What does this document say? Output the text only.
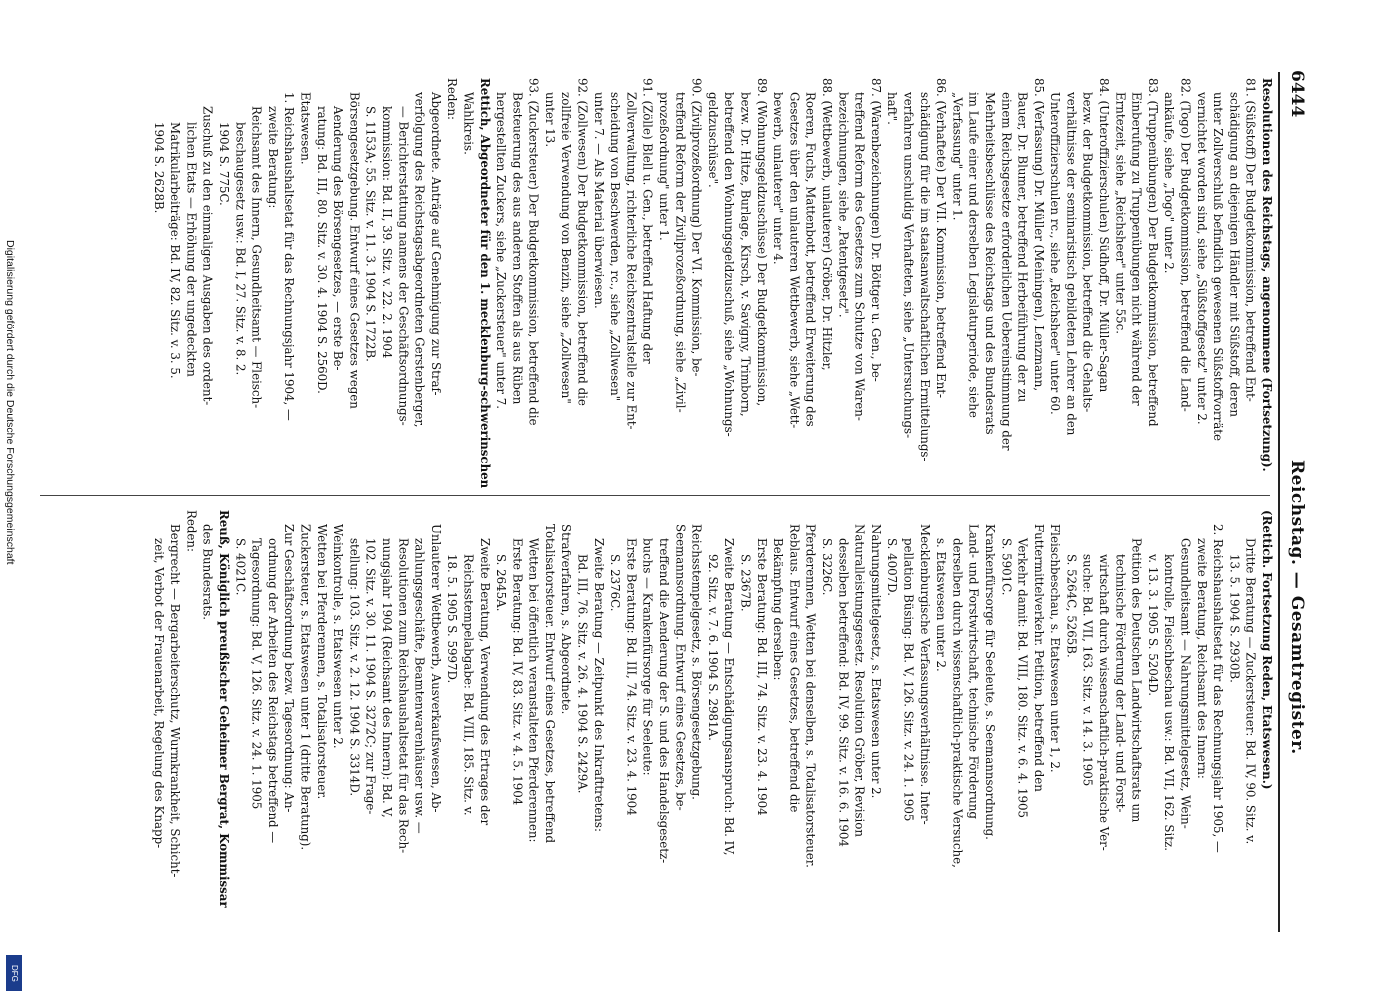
6444
Reichstag. — Gesamtregister.
Resolutionen des Reichstags, angenommene (Fortsetzung).
81. (Süßstoff) Der Budgetkommission, betreffend Ent-
schädigung an diejenigen Händler mit Süßstoff, deren
unter Zollverschluß befindlich gewesenen Süßstoffvorräte
vernichtet worden sind, siehe „Süßstoffgesetz" unter 2.
82. (Togo) Der Budgetkommission, betreffend die Land-
ankäufe, siehe „Togo" unter 2.
83. (Truppenübungen) Der Budgetkommission, betreffend
Einberufung zu Truppenübungen nicht während der
Erntezeit, siehe „Reichsheer" unter 55c.
84. (Unteroffizierschulen) Südhoff, Dr. Müller-Sagan
bezw. der Budgetkommission, betreffend die Gehalts-
verhältnisse der seminaristisch gebildeten Lehrer an den
Unteroffizierschulen rc., siehe „Reichsheer" unter 60.
85. (Verfassung) Dr. Müller (Meiningen), Lenzmann,
Bauer, Dr. Blumer, betreffend Herbeiführung der zu
einem Reichsgesetze erforderlichen Uebereinstimmung der
Mehrheitsbeschlüsse des Reichstags und des Bundesrats
im Laufe einer und derselben Legislaturperiode, siehe
„Verfassung" unter 1.
86. (Verhaftete) Der VII. Kommission, betreffend Ent-
schädigung für die im staatsanwaltschaftlichen Ermittelungs-
verfahren unschuldig Verhafteten, siehe „Untersuchungs-
haft".
87. (Warenbezeichnungen) Dr. Böttger u. Gen., be-
treffend Reform des Gesetzes zum Schutze von Waren-
bezeichnungen, siehe „Patentgesetz".
88. (Wettbewerb, unlauterer) Gröber, Dr. Hitzler,
Roeren, Fuchs, Mattenbott, betreffend Erweiterung des
Gesetzes über den unlauteren Wettbewerb, siehe „Wett-
bewerb, unlauterer" unter 4.
89. (Wohnungsgeldzuschüsse) Der Budgetkommission,
bezw. Dr. Hitze, Burlage, Kirsch, v. Savigny, Trimborn,
betreffend den Wohnungsgeldzuschuß, siehe „Wohnungs-
geldzuschüsse".
90. (Zivilprozeßordnung) Der VI. Kommission, be-
treffend Reform der Zivilprozeßordnung, siehe „Zivil-
prozeßordnung" unter 1.
91. (Zölle) Blell u. Gen., betreffend Haftung der
Zollverwaltung, richterliche Reichszentralstelle zur Ent-
scheidung von Beschwerden, rc., siehe „Zollwesen"
unter 7. — Als Material überwiesen.
92. (Zollwesen) Der Budgetkommission, betreffend die
zollfreie Verwendung von Benzin, siehe „Zollwesen"
unter 13.
93. (Zuckersteuer) Der Budgetkommission, betreffend die
Besteuerung des aus anderen Stoffen als aus Rüben
hergestellten Zuckers, siehe „Zuckersteuer" unter 7.
Rettich, Abgeordneter für den 1. mecklenburg-schwerinschen
Wahlkreis.
Reden:
Abgeordnete. Anträge auf Genehmigung zur Straf-
verfolgung des Reichstagsabgeordneten Gerstenberger,
— Berichterstattung namens der Geschäftsordnungs-
kommission: Bd. II, 39. Sitz. v. 22. 2. 1904
S. 1153A; 55. Sitz. v. 11. 3. 1904 S. 1722B.
Börsengesetzgebung. Entwurf eines Gesetzes wegen
Aenderung des Börsengesetzes, — erste Be-
ratung: Bd. III, 80. Sitz. v. 30. 4. 1904 S. 2560D.
Etatswesen.
1. Reichshaushaltsetat für das Rechnungsjahr 1904, —
zweite Beratung:
Reichsamt des Innern, Gesundheitsamt — Fleisch-
beschaugesetz usw.: Bd. I, 27. Sitz. v. 8. 2.
1904 S. 775C.
Zuschuß zu den einmaligen Ausgaben des ordent-
lichen Etats — Erhöhung der ungedeckten
Matrikularbeiträge: Bd. IV, 82. Sitz. v. 3. 5.
1904 S. 2628B.
(Rettich. Fortsetzung Reden, Etatswesen.)
Dritte Beratung — Zuckersteuer: Bd. IV, 90. Sitz. v.
13. 5. 1904 S. 2930B.
2. Reichshaushaltsetat für das Rechnungsjahr 1905, —
zweite Beratung, Reichsamt des Innern:
Gesundheitsamt — Nahrungsmittelgesetz, Wein-
kontrolle, Fleischbeschau usw.: Bd. VII, 162. Sitz.
v. 13. 3. 1905 S. 5204D.
Petition des Deutschen Landwirtschaftsrats um
technische Förderung der Land- und Forst-
wirtschaft durch wissenschaftlich-praktische Ver-
suche: Bd. VII, 163. Sitz. v. 14. 3. 1905
S. 5264C, 5265B.
Fleischbeschau, s. Etatswesen unter 1, 2.
Futtermittelverkehr. Petition, betreffend den
Verkehr damit: Bd. VIII, 180. Sitz. v. 6. 4. 1905
S. 5901C.
Krankenfürsorge für Seeleute, s. Seemannsordnung.
Land- und Forstwirtschaft, technische Förderung
derselben durch wissenschaftlich-praktische Versuche,
s. Etatswesen unter 2.
Mecklenburgische Verfassungsverhältnisse. Inter-
pellation Büsing: Bd. V, 126. Sitz. v. 24. 1. 1905
S. 4007D.
Nahrungsmittelgesetz, s. Etatswesen unter 2.
Naturalleistungsgesetz. Resolution Gröber, Revision
desselben betreffend: Bd. IV, 99. Sitz. v. 16. 6. 1904
S. 3226C.
Pferderennen, Wetten bei denselben, s. Totalisatorsteuer.
Reblaus. Entwurf eines Gesetzes, betreffend die
Bekämpfung derselben:
Erste Beratung: Bd. III, 74. Sitz. v. 23. 4. 1904
S. 2367B.
Zweite Beratung — Entschädigungsanspruch: Bd. IV,
92. Sitz. v. 7. 6. 1904 S. 2981A.
Reichsstempelgesetz, s. Börsengesetzgebung.
Seemannsordnung. Entwurf eines Gesetzes, be-
treffend die Aenderung der S. und des Handelsgesetz-
buchs — Krankenfürsorge für Seeleute:
Erste Beratung: Bd. III, 74. Sitz. v. 23. 4. 1904
S. 2376C.
Zweite Beratung — Zeitpunkt des Inkrafttretens:
Bd. III, 76. Sitz. v. 26. 4. 1904 S. 2429A.
Strafverfahren, s. Abgeordnete.
Totalisatorsteuer. Entwurf eines Gesetzes, betreffend
Wetten bei öffentlich veranstalteten Pferderennen:
Erste Beratung: Bd. IV, 83. Sitz. v. 4. 5. 1904
S. 2645A.
Zweite Beratung, Verwendung des Ertrages der
Reichsstempelabgabe: Bd. VIII, 185. Sitz. v.
18. 5. 1905 S. 5997D.
Unlauterer Wettbewerb, Ausverkaufswesen, Ab-
zahlungsgeschäfte, Beamtenwarenhäuser usw. —
Resolutionen zum Reichshaushaltsetat für das Rech-
nungsjahr 1904 (Reichsamt des Innern): Bd. V,
102. Sitz. v. 30. 11. 1904 S. 3272C; zur Frage-
stellung: 103. Sitz. v. 2. 12. 1904 S. 3314D.
Weinkontrolle, s. Etatswesen unter 2.
Wetten bei Pferderennen, s. Totalisatorsteuer.
Zuckersteuer, s. Etatswesen unter 1 (dritte Beratung).
Zur Geschäftsordnung bezw. Tagesordnung: An-
ordnung der Arbeiten des Reichstags betreffend —
Tagesordnung: Bd. V, 126. Sitz. v. 24. 1. 1905
S. 4021C.
Reuß, Königlich preußischer Geheimer Bergrat, Kommissar
des Bundesrats.
Reden:
Bergrecht — Bergarbeiterschutz, Wurmkrankheit, Schicht-
zeit, Verbot der Frauenarbeit, Regelung des Knapp-
Digitalisierung gefördert durch die Deutsche Forschungsgemeinschaft
DFG
